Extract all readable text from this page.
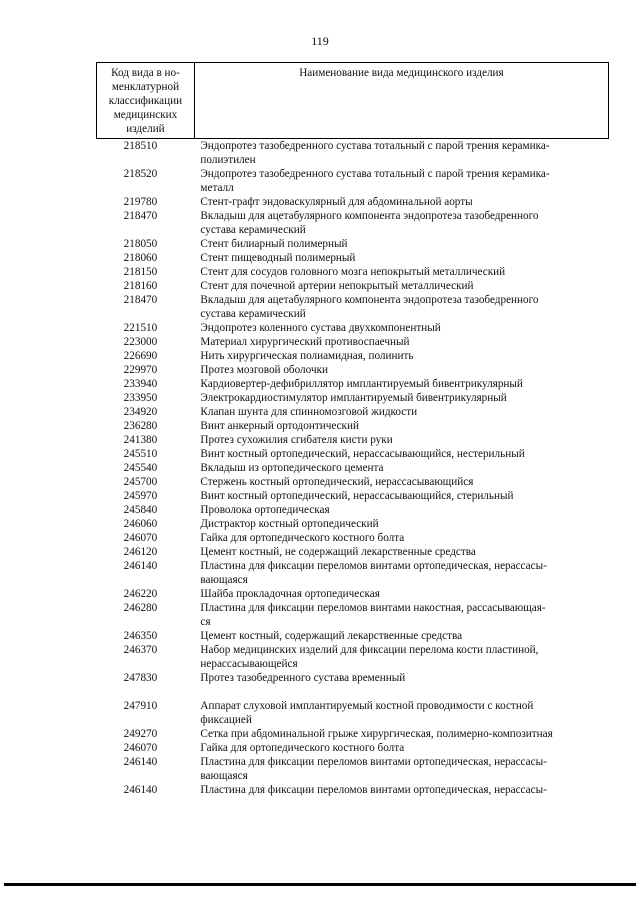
119
Код вида в но-
менклатурной
классификации
медицинских
изделий	Наименование вида медицинского изделия
218510	Эндопротез тазобедренного сустава тотальный с парой трения керамика-
полиэтилен

218520	Эндопротез тазобедренного сустава тотальный с парой трения керамика-
металл

219780	Стент-графт эндоваскулярный для абдоминальной аорты

218470	Вкладыш для ацетабулярного компонента эндопротеза тазобедренного
сустава керамический

218050	Стент билиарный полимерный

218060	Стент пищеводный полимерный

218150	Стент для сосудов головного мозга непокрытый металлический

218160	Стент для почечной артерии непокрытый металлический

218470	Вкладыш для ацетабулярного компонента эндопротеза тазобедренного
сустава керамический

221510	Эндопротез коленного сустава двухкомпонентный

223000	Материал хирургический противоспаечный

226690	Нить хирургическая полиамидная, полинить

229970	Протез мозговой оболочки

233940	Кардиовертер-дефибриллятор имплантируемый бивентрикулярный

233950	Электрокардиостимулятор имплантируемый бивентрикулярный

234920	Клапан шунта для спинномозговой жидкости

236280	Винт анкерный ортодонтический

241380	Протез сухожилия сгибателя кисти руки

245510	Винт костный ортопедический, нерассасывающийся, нестерильный

245540	Вкладыш из ортопедического цемента

245700	Стержень костный ортопедический, нерассасывающийся

245970	Винт костный ортопедический, нерассасывающийся, стерильный

245840	Проволока ортопедическая

246060	Дистрактор костный ортопедический

246070	Гайка для ортопедического костного болта

246120	Цемент костный, не содержащий лекарственные средства

246140	Пластина для фиксации переломов винтами ортопедическая, нерассасы-
вающаяся

246220	Шайба прокладочная ортопедическая

246280	Пластина для фиксации переломов винтами накостная, рассасывающая-
ся

246350	Цемент костный, содержащий лекарственные средства

246370	Набор медицинских изделий для фиксации перелома кости пластиной,
нерассасывающейся

247830	Протез тазобедренного сустава временный

247910	Аппарат слуховой имплантируемый костной проводимости с костной
фиксацией

249270	Сетка при абдоминальной грыже хирургическая, полимерно-композитная

246070	Гайка для ортопедического костного болта

246140	Пластина для фиксации переломов винтами ортопедическая, нерассасы-
вающаяся

246140	Пластина для фиксации переломов винтами ортопедическая, нерассасы-
